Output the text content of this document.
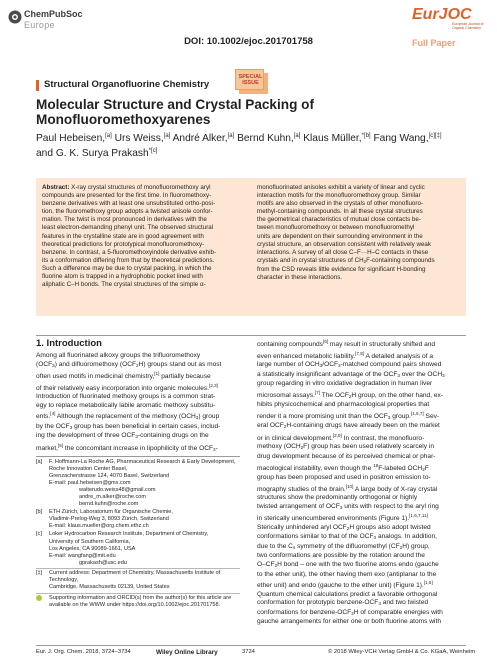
ChemPubSoc
Europe
DOI: 10.1002/ejoc.201701758
EurJOC
European Journal of Organic Chemistry
Full Paper
Structural Organofluorine Chemistry
SPECIAL
ISSUE
Molecular Structure and Crystal Packing of
Monofluoromethoxyarenes
Paul Hebeisen,[a] Urs Weiss,[a] André Alker,[a] Bernd Kuhn,[a] Klaus Müller,$^{*[b]}$ Fang Wang,[c][‡]
and G. K. Surya Prakash$^{*[c]}$
Abstract: X-ray crystal structures of monofluoromethoxy aryl
compounds are presented for the first time. In fluoromethoxy-
benzene derivatives with at least one unsubstituted ortho-posi-
tion, the fluoromethoxy group adopts a twisted anisole confor-
mation. The twist is most pronounced in derivatives with the
least electron-demanding phenyl unit. The observed structural
features in the crystalline state are in good agreement with
theoretical predictions for prototypical monofluoromethoxy-
benzene. In contrast, a 5-fluoromethoxyindole derivative exhib-
its a conformation differing from that by theoretical predictions.
Such a difference may be due to crystal packing, in which the
fluorine atom is trapped in a hydrophobic pocket lined with
aliphatic C–H bonds. The crystal structures of the simple α-
monofluorinated anisoles exhibit a variety of linear and cyclic
interaction motifs for the monofluoromethoxy group. Similar
motifs are also observed in the crystals of other monofluoro-
methyl-containing compounds. In all these crystal structures
the geometrical characteristics of mutual close contacts be-
tween monofluoromethoxy or between monofluoromethyl
units are dependent on their surrounding environment in the
crystal structure, an observation consistent with relatively weak
interactions. A survey of all close C–F···H–C contacts in these
crystals and in crystal structures of $CH_2F$-containing compounds
from the CSD reveals little evidence for significant H-bonding
character in these interactions.
1. Introduction
Among all fluorinated alkoxy groups the trifluoromethoxy
$(OCF_3)$ and difluoromethoxy $(OCF_2H)$ groups stand out as most
often used motifs in medicinal chemistry,[1] partially because
of their relatively easy incorporation into organic molecules.[2,3]
Introduction of fluorinated methoxy groups is a common strat-
egy to replace metabolically labile aromatic methoxy substitu-
ents.[4] Although the replacement of the methoxy $(OCH_3)$ group
by the $OCF_3$ group has been beneficial in certain cases, includ-
ing the development of three $OCF_3$-containing drugs on the
market,[5] the concomitant increase in lipophilicity of the $OCF_3-$
containing compounds[6] may result in structurally shifted and
even enhanced metabolic liability.[7,8] A detailed analysis of a
large number of $OCH_3/OCF_3$-matched compound pairs showed
a statistically insignificant advantage of the $OCF_3$ over the $OCH_3$
group regarding in vitro oxidative degradation in human liver
microsomal assays.[7] The $OCF_2H$ group, on the other hand, ex-
hibits physicochemical and pharmacological properties that
render it a more promising unit than the $OCF_3$ group.[1,6,7] Sev-
eral $OCF_2H$-containing drugs have already been on the market
or in clinical development.[2,9] In contrast, the monofluoro-
methoxy $(OCH_2F)$ group has been used relatively scarcely in
drug development because of its perceived chemical or phar-
macological instability, even though the $^{18}$F-labeled $OCH_2F$
group has been proposed and used in positron emission to-
mography studies of the brain.[10] A large body of X-ray crystal
structures show the predominantly orthogonal or highly
twisted arrangement of $OCF_3$ units with respect to the aryl ring
in sterically unencumbered environments (Figure 1).[1,6,7,11]
Sterically unhindered aryl $OCF_2H$ groups also adopt twisted
conformations similar to that of the $OCF_3$ analogs. In addition,
due to the $C_s$ symmetry of the difluoromethyl $(CF_2H)$ group,
two conformations are possible by the rotation around the
$O-CF_2H$ bond – one with the two fluorine atoms endo (gauche
to the ether unit), the other having them exo (antiplanar to the
ether unit) and endo (gauche to the ether unit) (Figure 1).[1,6]
Quantum chemical calculations predict a favorable orthogonal
conformation for prototypic benzene-$OCF_3$ and two twisted
conformations for benzene-$OCF_2H$ of comparable energies with
gauche arrangements for either one or both fluorine atoms with
[a] F. Hoffmann-La Roche AG, Pharmaceutical Research & Early Development,
Roche Innovation Center Basel,
Grenzacherstrasse 124, 4070 Basel, Switzerland
E-mail: paul.hebeisen@gmx.com
walterudo.weiss48@gmail.com
andre_m.alker@roche.com
bernd.kuhn@roche.com
[b] ETH Zürich, Laboratorium für Organische Chemie,
Vladimir-Prelog-Weg 3, 8093 Zürich, Switzerland
E-mail: klaus.mueller@org.chem.ethz.ch
[c] Loker Hydrocarbon Research Institute, Department of Chemistry,
University of Southern California,
Los Angeles, CA 90089-1661, USA
E-mail: wangfang@mit.edu
gprakash@usc.edu
[‡] Current address: Department of Chemistry, Massachusetts Institute of
Technology,
Cambridge, Massachusetts 02139, United States
Supporting information and ORCID(s) from the author(s) for this article are
available on the WWW under https://doi.org/10.1002/ejoc.201701758.
Eur. J. Org. Chem. 2018, 3724–3734	Wiley Online Library	3724	© 2018 Wiley-VCH Verlag GmbH & Co. KGaA, Weinheim
